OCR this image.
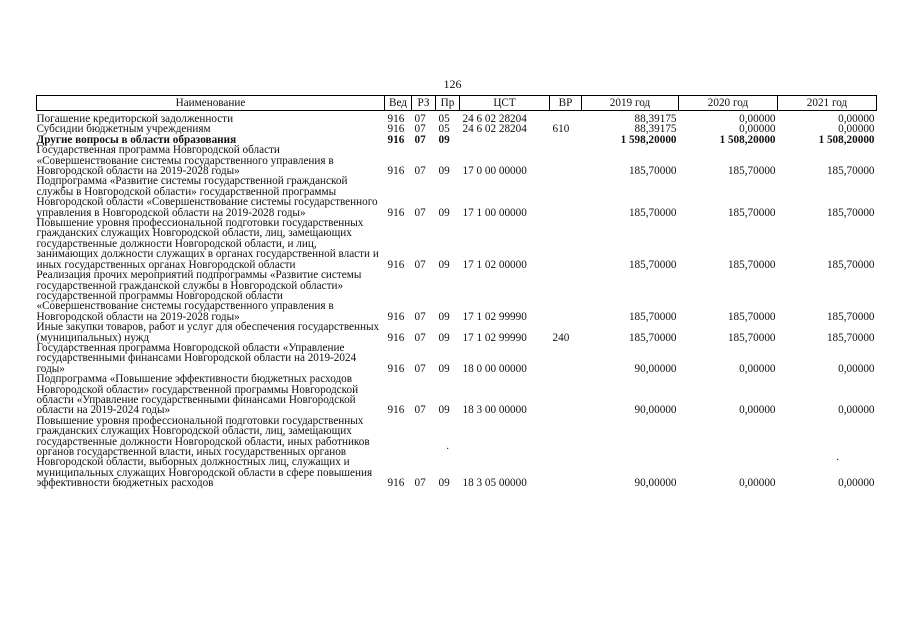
126
Наименование	Вед	РЗ	Пр	ЦСТ	ВР	2019 год	2020 год	2021 год
Погашение кредиторской задолженности	916	07	05	24 6 02 28204		88,39175	0,00000	0,00000
Субсидии бюджетным учреждениям	916	07	05	24 6 02 28204	610	88,39175	0,00000	0,00000
Другие вопросы в области образования	916	07	09			1 598,20000	1 508,20000	1 508,20000
Государственная программа Новгородской области «Совершенствование системы государственного управления в Новгородской области на 2019-2028 годы»	916	07	09	17 0 00 00000		185,70000	185,70000	185,70000
Подпрограмма «Развитие системы государственной гражданской службы в Новгородской области» государственной программы Новгородской области «Совершенствование системы государственного управления в Новгородской области на 2019-2028 годы»	916	07	09	17 1 00 00000		185,70000	185,70000	185,70000
Повышение уровня профессиональной подготовки государственных гражданских служащих Новгородской области, лиц, замещающих государственные должности Новгородской области, и лиц, занимающих должности служащих в органах государственной власти и иных государственных органах Новгородской области	916	07	09	17 1 02 00000		185,70000	185,70000	185,70000
Реализация прочих мероприятий подпрограммы «Развитие системы государственной гражданской службы в Новгородской области» государственной программы Новгородской области «Совершенствование системы государственного управления в Новгородской области на 2019-2028 годы»	916	07	09	17 1 02 99990		185,70000	185,70000	185,70000
Иные закупки товаров, работ и услуг для обеспечения государственных (муниципальных) нужд	916	07	09	17 1 02 99990	240	185,70000	185,70000	185,70000
Государственная программа Новгородской области «Управление государственными финансами Новгородской области на 2019-2024 годы»	916	07	09	18 0 00 00000		90,00000	0,00000	0,00000
Подпрограмма «Повышение эффективности бюджетных расходов Новгородской области» государственной программы Новгородской области «Управление государственными финансами Новгородской области на 2019-2024 годы»	916	07	09	18 3 00 00000		90,00000	0,00000	0,00000
Повышение уровня профессиональной подготовки государственных гражданских служащих Новгородской области, лиц, замещающих государственные должности Новгородской области, иных работников органов государственной власти, иных государственных органов Новгородской области, выборных должностных лиц, служащих и муниципальных служащих Новгородской области в сфере повышения эффективности бюджетных расходов	916	07	09	18 3 05 00000		90,00000	0,00000	0,00000
·
·
